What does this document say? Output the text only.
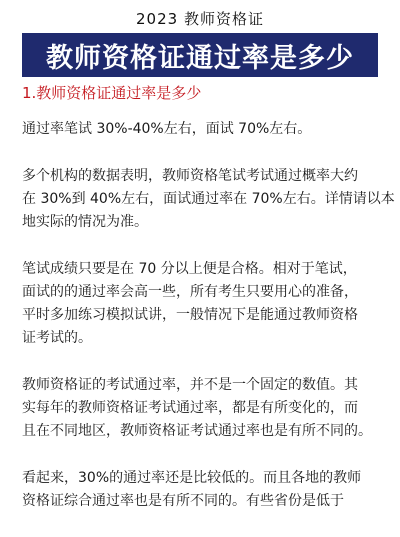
2023 教师资格证
教师资格证通过率是多少
1.教师资格证通过率是多少

通过率笔试 30%-40%左右，面试 70%左右。

多个机构的数据表明，教师资格笔试考试通过概率大约
在 30%到 40%左右，面试通过率在 70%左右。详情请以本
地实际的情况为准。

笔试成绩只要是在 70 分以上便是合格。相对于笔试，
面试的的通过率会高一些，所有考生只要用心的准备，
平时多加练习模拟试讲，一般情况下是能通过教师资格
证考试的。

教师资格证的考试通过率，并不是一个固定的数值。其
实每年的教师资格证考试通过率，都是有所变化的，而
且在不同地区，教师资格证考试通过率也是有所不同的。

看起来，30%的通过率还是比较低的。而且各地的教师
资格证综合通过率也是有所不同的。有些省份是低于
